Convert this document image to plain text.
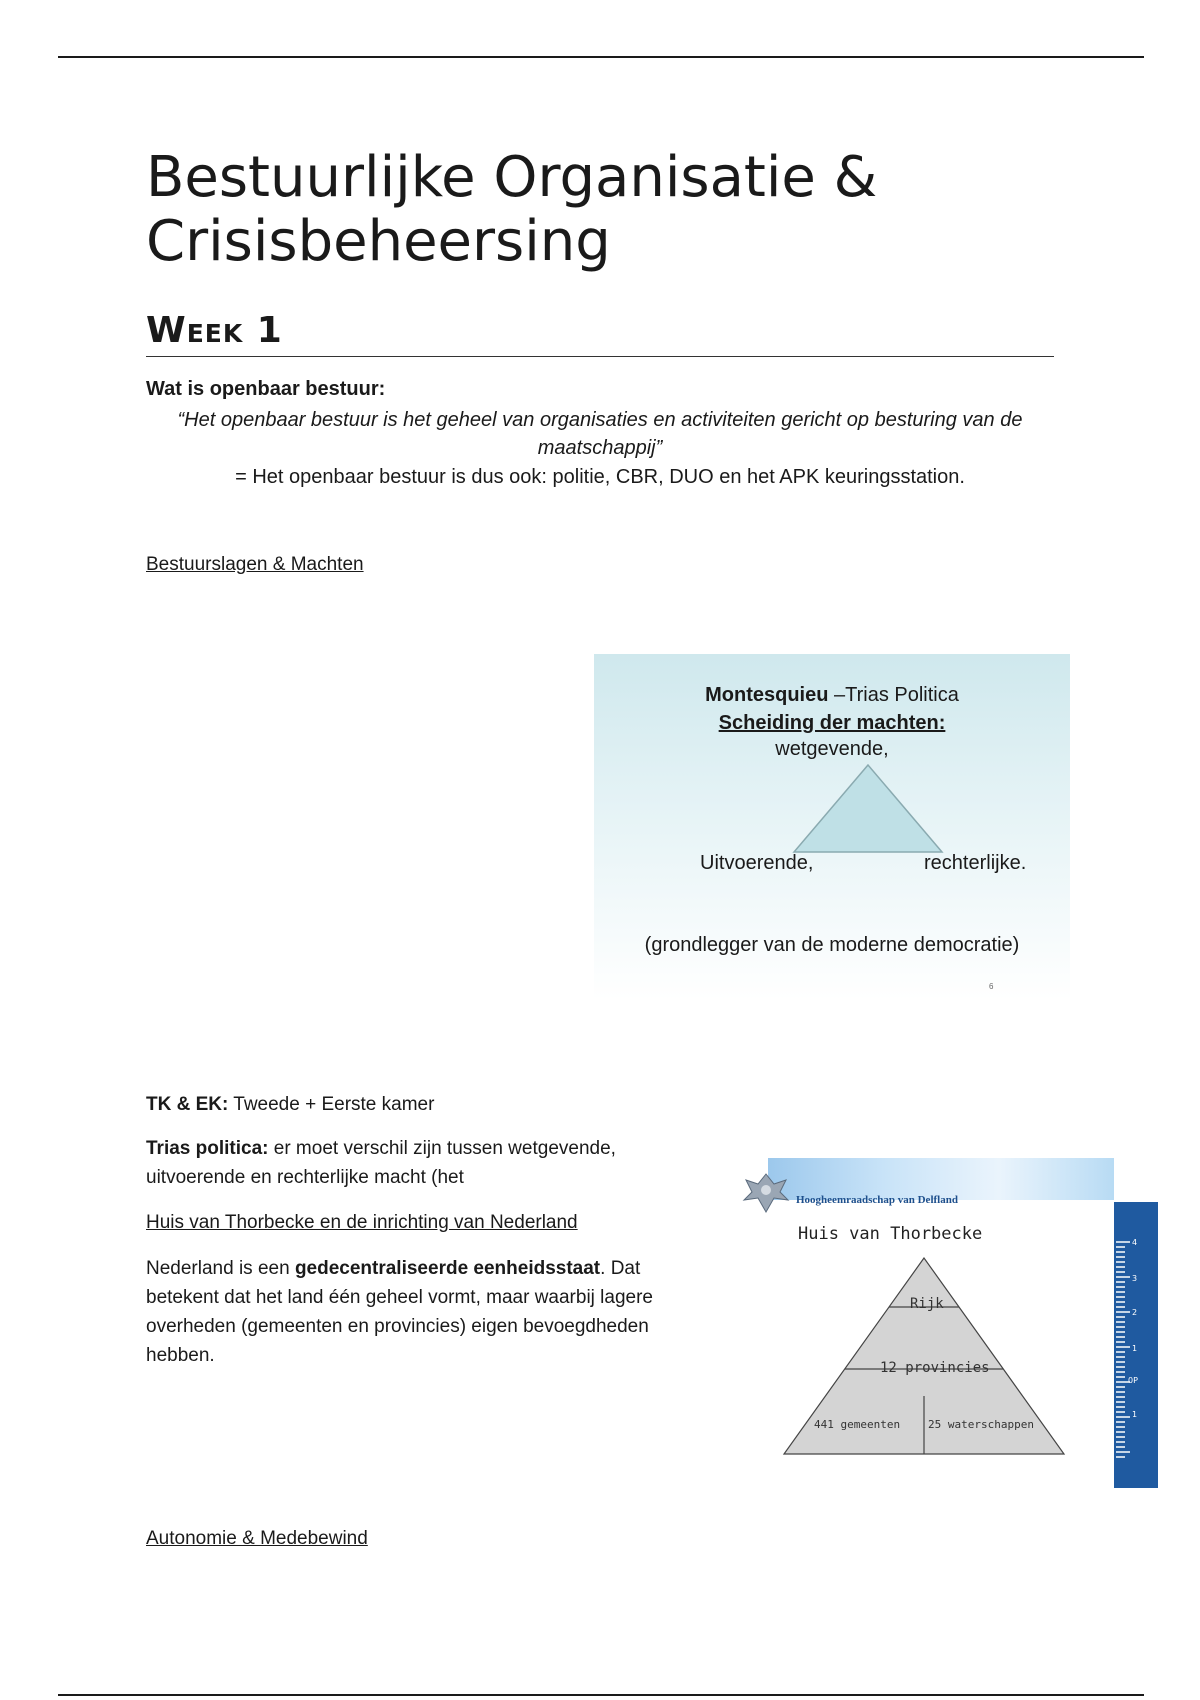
Bestuurlijke Organisatie & Crisisbeheersing
Week 1
Wat is openbaar bestuur:
“Het openbaar bestuur is het geheel van organisaties en activiteiten gericht op besturing van de maatschappij”
= Het openbaar bestuur is dus ook: politie, CBR, DUO en het APK keuringsstation.
Bestuurslagen & Machten
Montesquieu –Trias Politica
Scheiding der machten:
wetgevende,
Uitvoerende,	rechterlijke.
(grondlegger van de moderne democratie)
6
TK & EK: Tweede + Eerste kamer
Trias politica: er moet verschil zijn tussen wetgevende, uitvoerende en rechterlijke macht (het
Huis van Thorbecke en de inrichting van Nederland
Nederland is een gedecentraliseerde eenheidsstaat. Dat betekent dat het land één geheel vormt, maar waarbij lagere overheden (gemeenten en provincies) eigen bevoegdheden hebben.
Hoogheemraadschap van Delfland
Huis van Thorbecke
Rijk
12 provincies
441 gemeenten	25 waterschappen
4
3
2
1
0P
1
Autonomie & Medebewind
